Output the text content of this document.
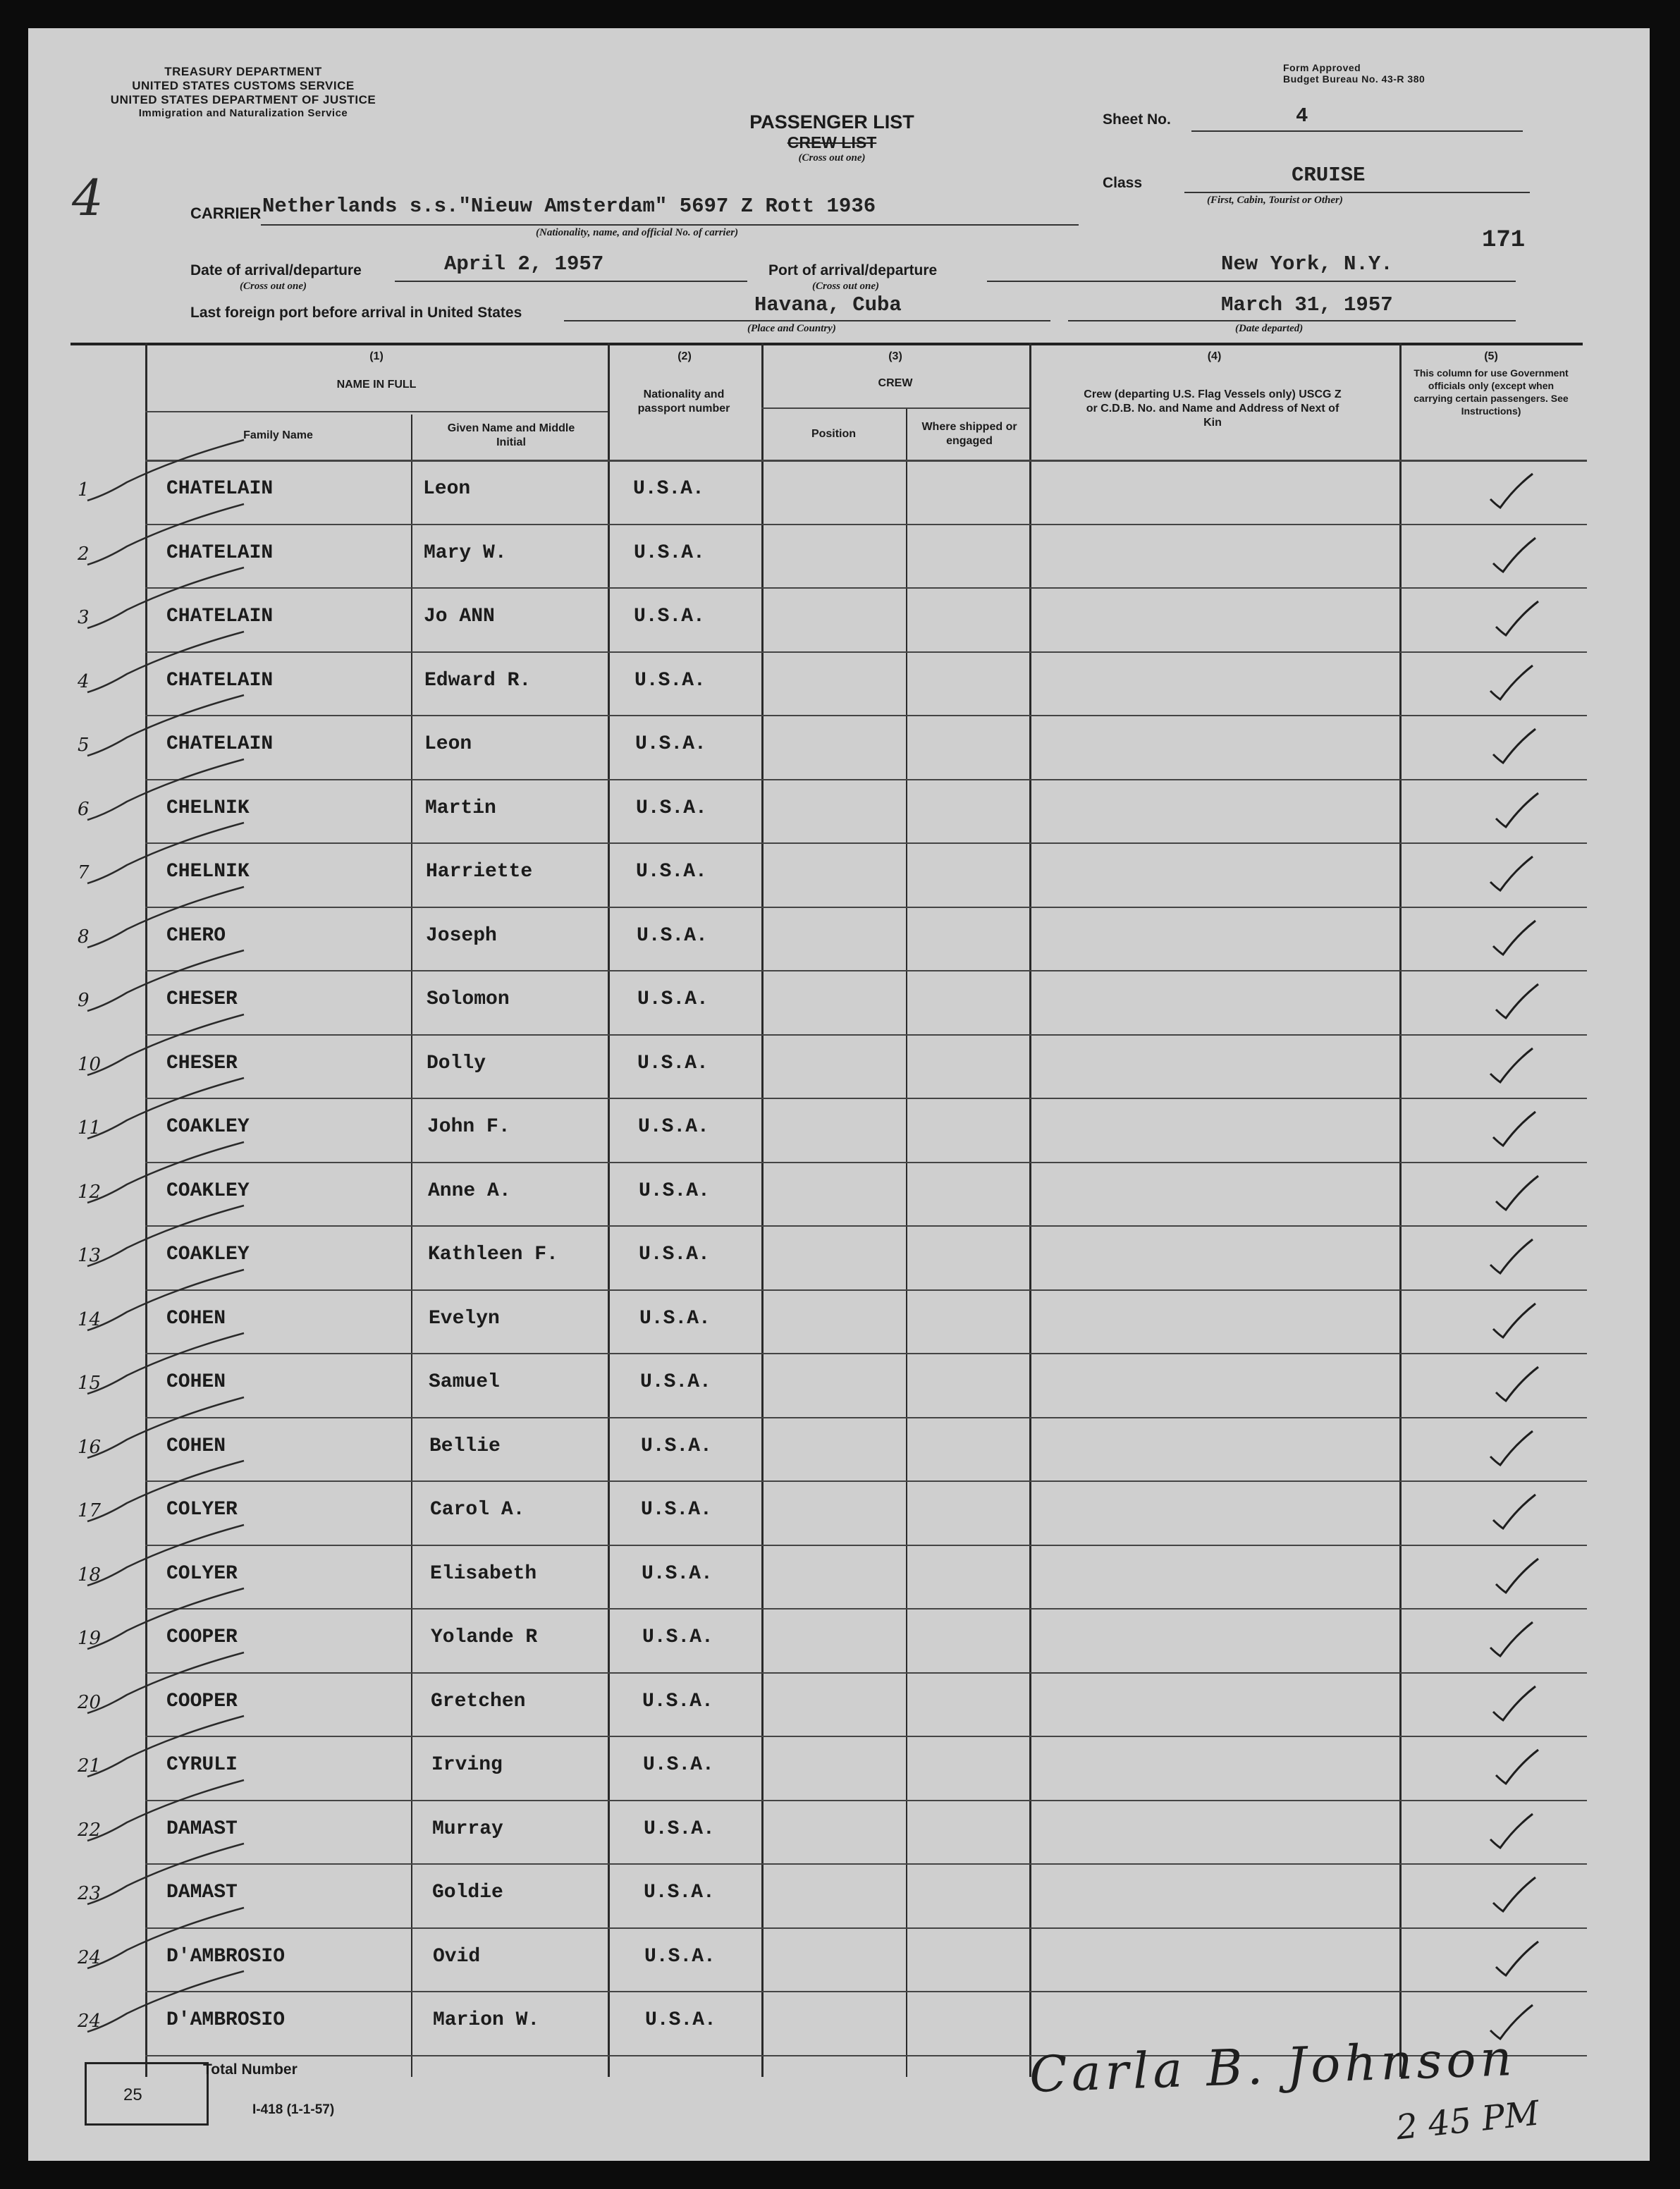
TREASURY DEPARTMENT
UNITED STATES CUSTOMS SERVICE
UNITED STATES DEPARTMENT OF JUSTICE
Immigration and Naturalization Service
Form Approved
Budget Bureau No. 43-R 380
PASSENGER LIST
CREW LIST
(Cross out one)
Sheet No.	4
Class	CRUISE
(First, Cabin, Tourist or Other)
4
171
CARRIER Netherlands s.s."Nieuw Amsterdam" 5697 Z Rott 1936
(Nationality, name, and official No. of carrier)
Date of arrival/departure
(Cross out one)
April 2, 1957	Port of arrival/departure
(Cross out one)
New York, N.Y.
Last foreign port before arrival in United States	Havana, Cuba
(Place and Country)
March 31, 1957
(Date departed)
(1)
NAME IN FULL
Family Name
Given Name and Middle Initial
(2)
Nationality and passport number
(3)
CREW
Position
Where shipped or engaged
(4)
Crew (departing U.S. Flag Vessels only) USCG Z or C.D.B. No. and Name and Address of Next of Kin
(5)
This column for use Government officials only (except when carrying certain passengers. See Instructions)
1	CHATELAIN	Leon	U.S.A.
2	CHATELAIN	Mary W.	U.S.A.
3	CHATELAIN	Jo ANN	U.S.A.
4	CHATELAIN	Edward R.	U.S.A.
5	CHATELAIN	Leon	U.S.A.
6	CHELNIK	Martin	U.S.A.
7	CHELNIK	Harriette	U.S.A.
8	CHERO	Joseph	U.S.A.
9	CHESER	Solomon	U.S.A.
10	CHESER	Dolly	U.S.A.
11	COAKLEY	John F.	U.S.A.
12	COAKLEY	Anne A.	U.S.A.
13	COAKLEY	Kathleen F.	U.S.A.
14	COHEN	Evelyn	U.S.A.
15	COHEN	Samuel	U.S.A.
16	COHEN	Bellie	U.S.A.
17	COLYER	Carol A.	U.S.A.
18	COLYER	Elisabeth	U.S.A.
19	COOPER	Yolande R	U.S.A.
20	COOPER	Gretchen	U.S.A.
21	CYRULI	Irving	U.S.A.
22	DAMAST	Murray	U.S.A.
23	DAMAST	Goldie	U.S.A.
24	D'AMBROSIO	Ovid	U.S.A.
24	D'AMBROSIO	Marion W.	U.S.A.
25
Total Number
I-418 (1-1-57)
Carla B. Johnson
2 45 PM
